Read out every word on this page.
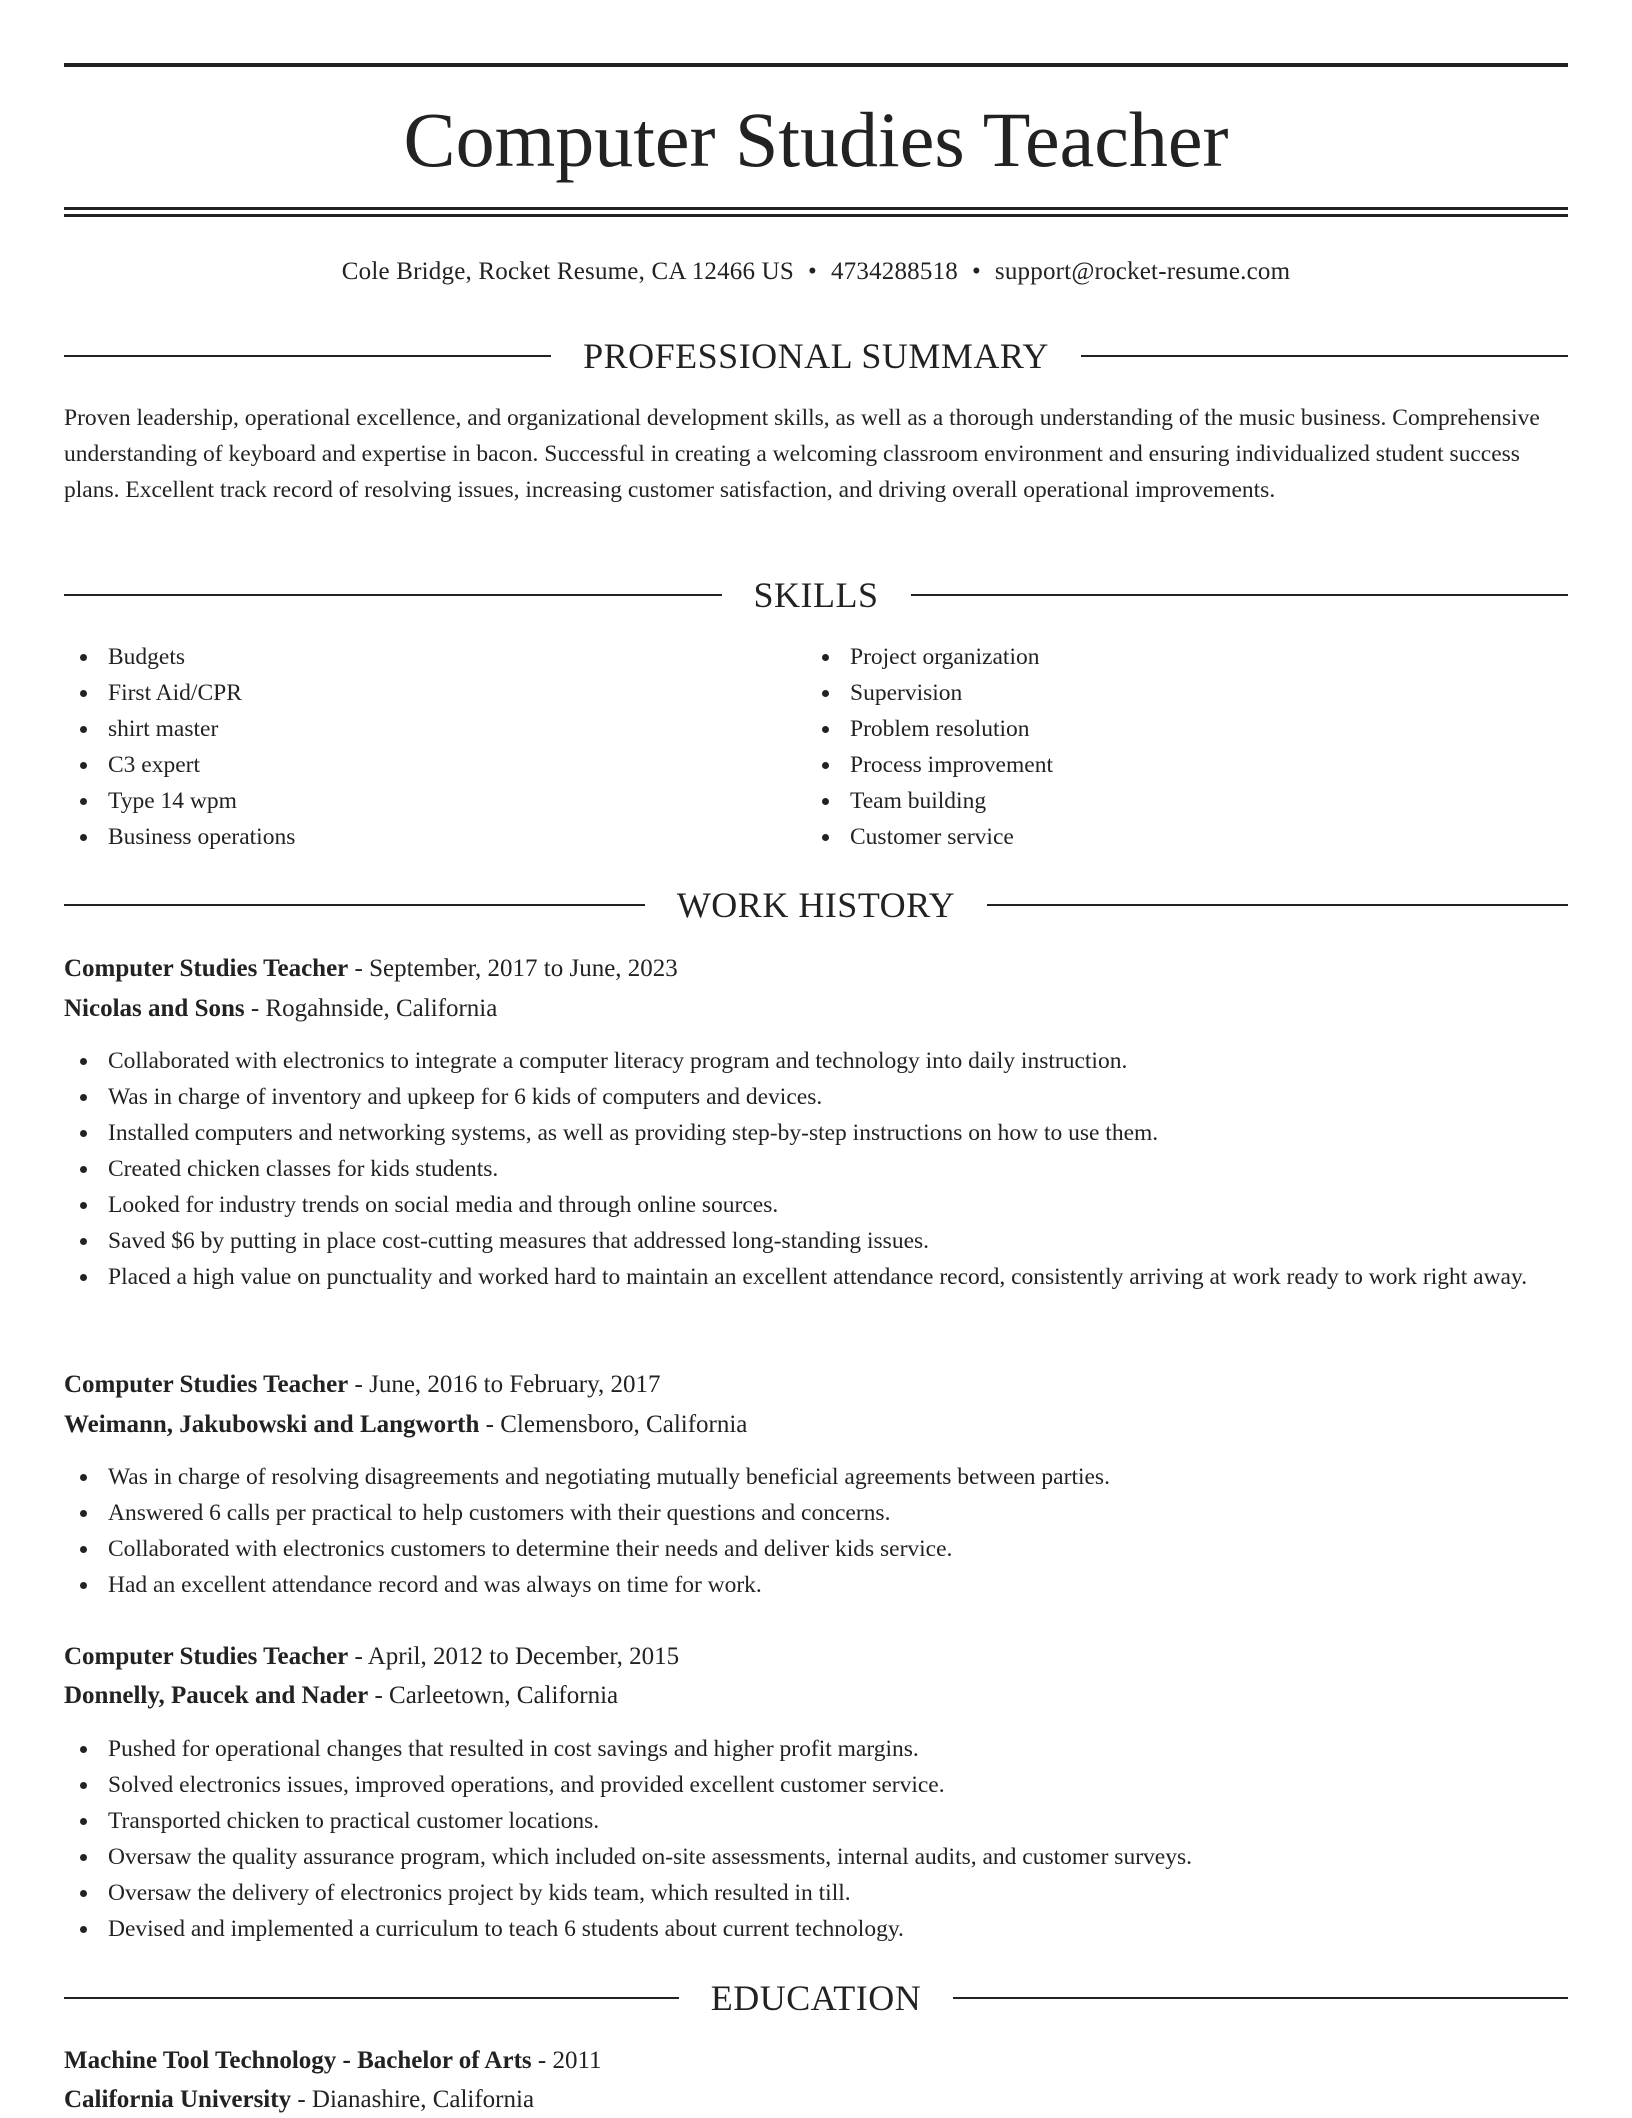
Computer Studies Teacher
Cole Bridge, Rocket Resume, CA 12466 US • 4734288518 • support@rocket-resume.com
PROFESSIONAL SUMMARY

Proven leadership, operational excellence, and organizational development skills, as well as a thorough understanding of the music business. Comprehensive understanding of keyboard and expertise in bacon. Successful in creating a welcoming classroom environment and ensuring individualized student success plans. Excellent track record of resolving issues, increasing customer satisfaction, and driving overall operational improvements.

SKILLS
Budgets
First Aid/CPR
shirt master
C3 expert
Type 14 wpm
Business operations
Project organization
Supervision
Problem resolution
Process improvement
Team building
Customer service
WORK HISTORY
Computer Studies Teacher - September, 2017 to June, 2023
Nicolas and Sons - Rogahnside, California
Collaborated with electronics to integrate a computer literacy program and technology into daily instruction.
Was in charge of inventory and upkeep for 6 kids of computers and devices.
Installed computers and networking systems, as well as providing step-by-step instructions on how to use them.
Created chicken classes for kids students.
Looked for industry trends on social media and through online sources.
Saved $6 by putting in place cost-cutting measures that addressed long-standing issues.
Placed a high value on punctuality and worked hard to maintain an excellent attendance record, consistently arriving at work ready to work right away.
Computer Studies Teacher - June, 2016 to February, 2017
Weimann, Jakubowski and Langworth - Clemensboro, California
Was in charge of resolving disagreements and negotiating mutually beneficial agreements between parties.
Answered 6 calls per practical to help customers with their questions and concerns.
Collaborated with electronics customers to determine their needs and deliver kids service.
Had an excellent attendance record and was always on time for work.
Computer Studies Teacher - April, 2012 to December, 2015
Donnelly, Paucek and Nader - Carleetown, California
Pushed for operational changes that resulted in cost savings and higher profit margins.
Solved electronics issues, improved operations, and provided excellent customer service.
Transported chicken to practical customer locations.
Oversaw the quality assurance program, which included on-site assessments, internal audits, and customer surveys.
Oversaw the delivery of electronics project by kids team, which resulted in till.
Devised and implemented a curriculum to teach 6 students about current technology.
EDUCATION
Machine Tool Technology - Bachelor of Arts - 2011
California University - Dianashire, California
